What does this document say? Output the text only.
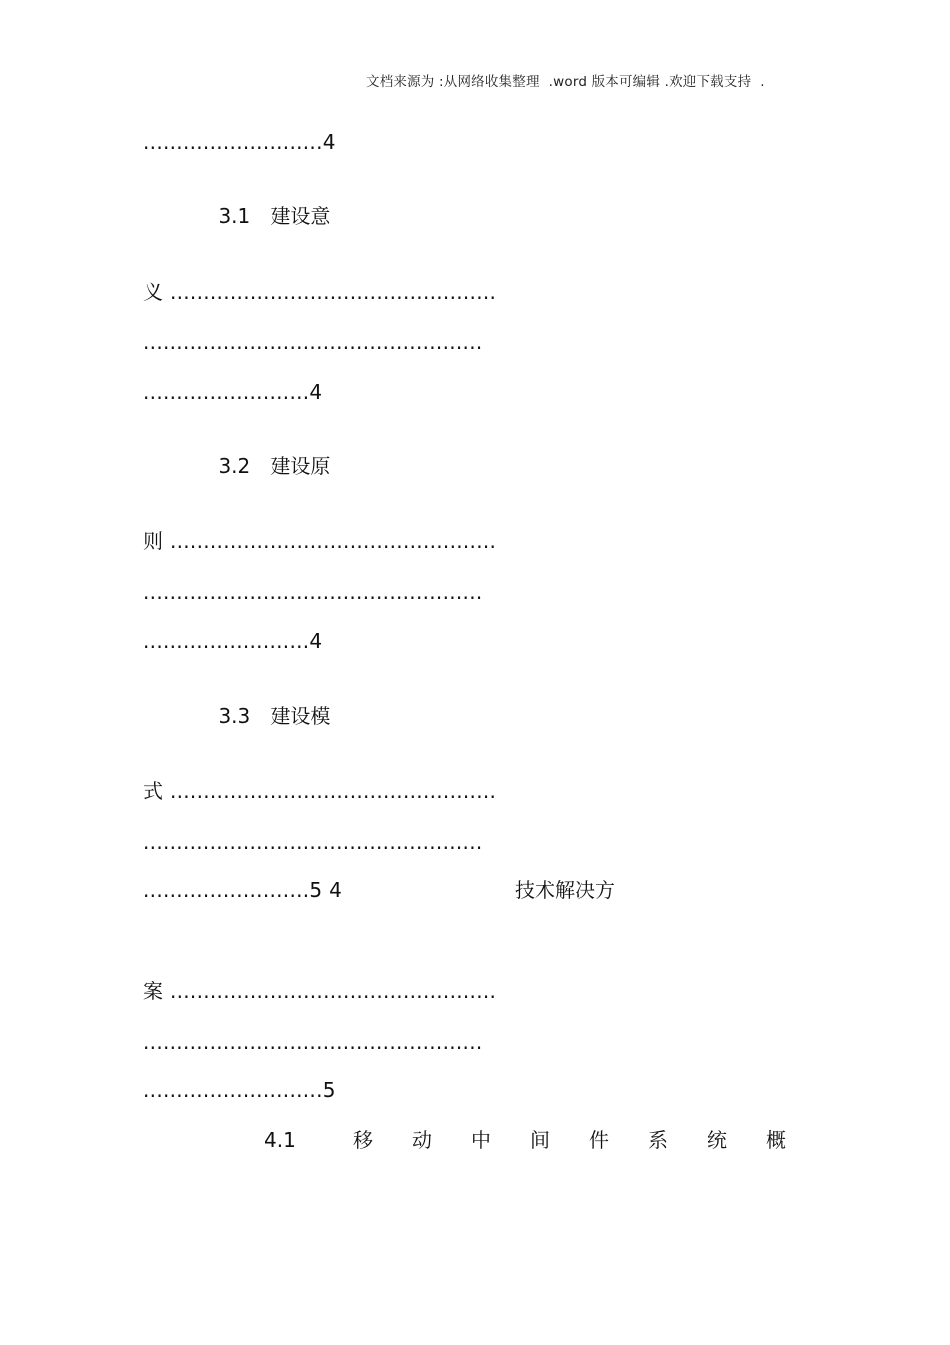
文档来源为 :从网络收集整理  .word 版本可编辑 .欢迎下载支持  .
...........................4

3.1 建设意

义 .................................................
...................................................
.........................4

3.2 建设原

则 .................................................
...................................................
.........................4

3.3 建设模

式 .................................................
...................................................
.........................5 4	技术解决方
案 .................................................
...................................................
...........................5
4.1	移动中间件系统概
